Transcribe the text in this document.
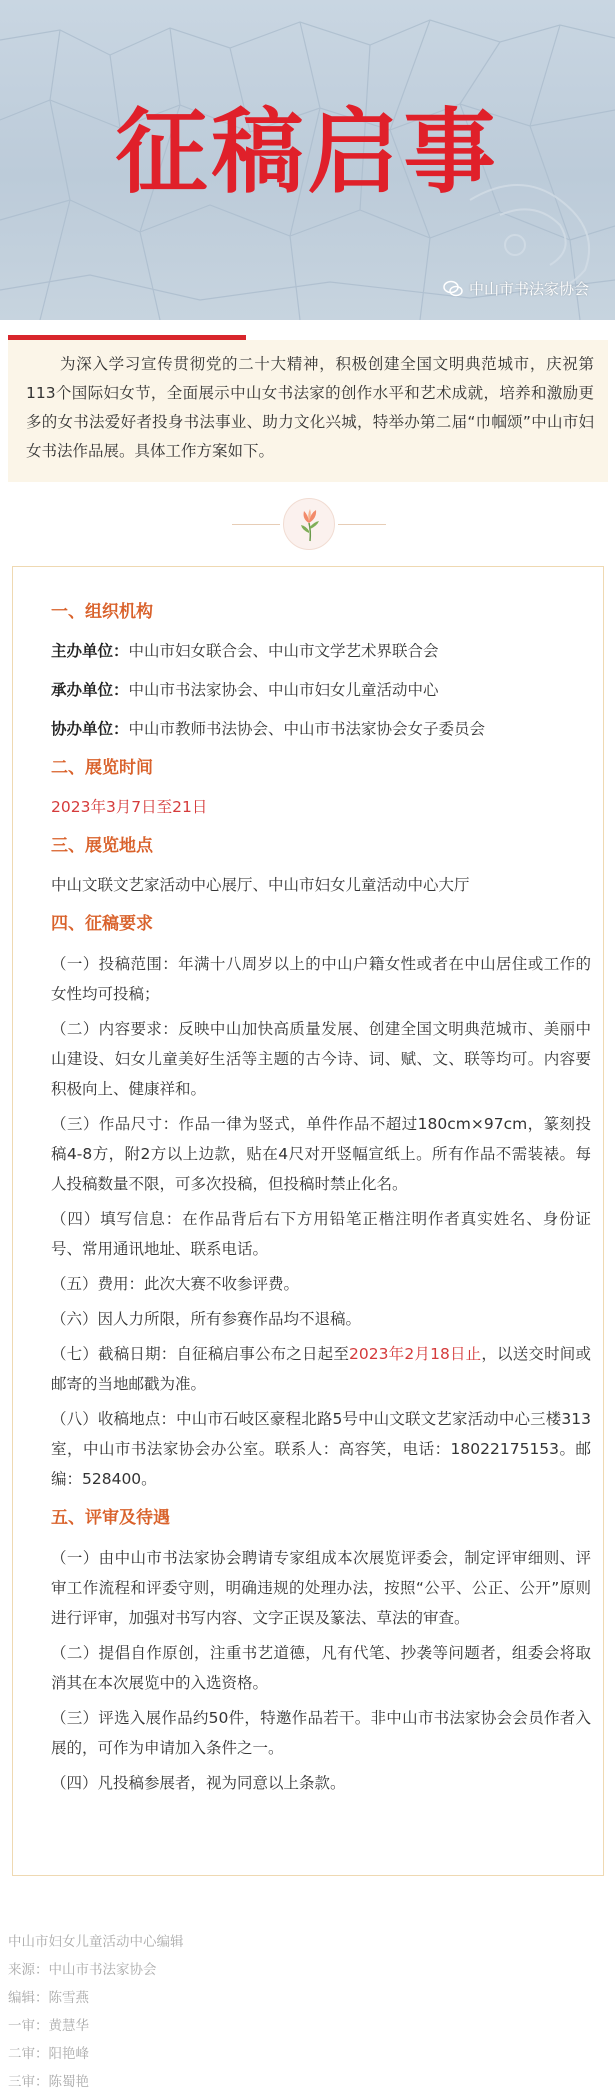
征稿启事
中山市书法家协会

为深入学习宣传贯彻党的二十大精神，积极创建全国文明典范城市，庆祝第113个国际妇女节，全面展示中山女书法家的创作水平和艺术成就，培养和激励更多的女书法爱好者投身书法事业、助力文化兴城，特举办第二届“巾帼颂”中山市妇女书法作品展。具体工作方案如下。

一、组织机构
主办单位：中山市妇女联合会、中山市文学艺术界联合会
承办单位：中山市书法家协会、中山市妇女儿童活动中心
协办单位：中山市教师书法协会、中山市书法家协会女子委员会
二、展览时间
2023年3月7日至21日
三、展览地点
中山文联文艺家活动中心展厅、中山市妇女儿童活动中心大厅
四、征稿要求

（一）投稿范围：年满十八周岁以上的中山户籍女性或者在中山居住或工作的女性均可投稿；

（二）内容要求：反映中山加快高质量发展、创建全国文明典范城市、美丽中山建设、妇女儿童美好生活等主题的古今诗、词、赋、文、联等均可。内容要积极向上、健康祥和。

（三）作品尺寸：作品一律为竖式，单件作品不超过180cm×97cm，篆刻投稿4-8方，附2方以上边款，贴在4尺对开竖幅宣纸上。所有作品不需装裱。每人投稿数量不限，可多次投稿，但投稿时禁止化名。

（四）填写信息：在作品背后右下方用铅笔正楷注明作者真实姓名、身份证号、常用通讯地址、联系电话。

（五）费用：此次大赛不收参评费。

（六）因人力所限，所有参赛作品均不退稿。

（七）截稿日期：自征稿启事公布之日起至2023年2月18日止，以送交时间或邮寄的当地邮戳为准。

（八）收稿地点：中山市石岐区豪程北路5号中山文联文艺家活动中心三楼313室，中山市书法家协会办公室。联系人：高容笑，电话：18022175153。邮编：528400。

五、评审及待遇

（一）由中山市书法家协会聘请专家组成本次展览评委会，制定评审细则、评审工作流程和评委守则，明确违规的处理办法，按照“公平、公正、公开”原则进行评审，加强对书写内容、文字正误及篆法、草法的审查。

（二）提倡自作原创，注重书艺道德，凡有代笔、抄袭等问题者，组委会将取消其在本次展览中的入选资格。

（三）评选入展作品约50件，特邀作品若干。非中山市书法家协会会员作者入展的，可作为申请加入条件之一。

（四）凡投稿参展者，视为同意以上条款。

中山市妇女儿童活动中心编辑
来源：中山市书法家协会
编辑：陈雪燕
一审：黄慧华
二审：阳艳峰
三审：陈蜀艳
